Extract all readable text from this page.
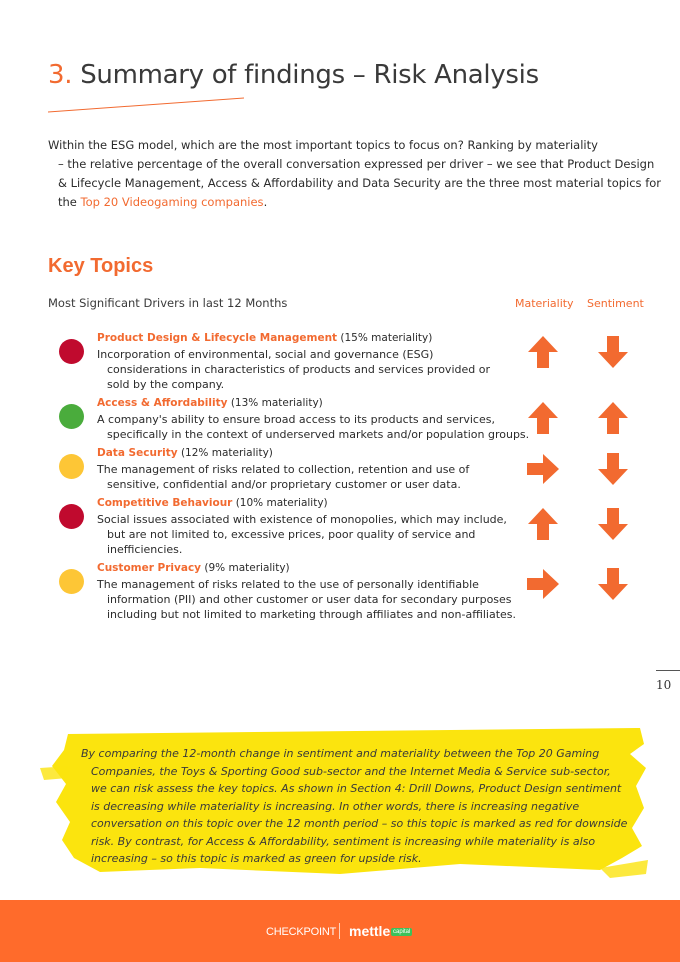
3. Summary of findings – Risk Analysis

Within the ESG model, which are the most important topics to focus on? Ranking by materiality
– the relative percentage of the overall conversation expressed per driver – we see that Product Design
& Lifecycle Management, Access & Affordability and Data Security are the three most material topics for
the Top 20 Videogaming companies.

Key Topics
Most Significant Drivers in last 12 Months	Materiality Sentiment
Product Design & Lifecycle Management (15% materiality)
Incorporation of environmental, social and governance (ESG)
considerations in characteristics of products and services provided or
sold by the company.
Access & Affordability (13% materiality)
A company's ability to ensure broad access to its products and services,
specifically in the context of underserved markets and/or population groups.
Data Security (12% materiality)
The management of risks related to collection, retention and use of
sensitive, confidential and/or proprietary customer or user data.
Competitive Behaviour (10% materiality)
Social issues associated with existence of monopolies, which may include,
but are not limited to, excessive prices, poor quality of service and
inefficiencies.
Customer Privacy (9% materiality)
The management of risks related to the use of personally identifiable
information (PII) and other customer or user data for secondary purposes
including but not limited to marketing through affiliates and non-affiliates.
10

By comparing the 12-month change in sentiment and materiality between the Top 20 Gaming
Companies, the Toys & Sporting Good sub-sector and the Internet Media & Service sub-sector,
we can risk assess the key topics. As shown in Section 4: Drill Downs, Product Design sentiment
is decreasing while materiality is increasing. In other words, there is increasing negative
conversation on this topic over the 12 month period – so this topic is marked as red for downside
risk. By contrast, for Access & Affordability, sentiment is increasing while materiality is also
increasing – so this topic is marked as green for upside risk.

CHECKPOINT mettle capital
